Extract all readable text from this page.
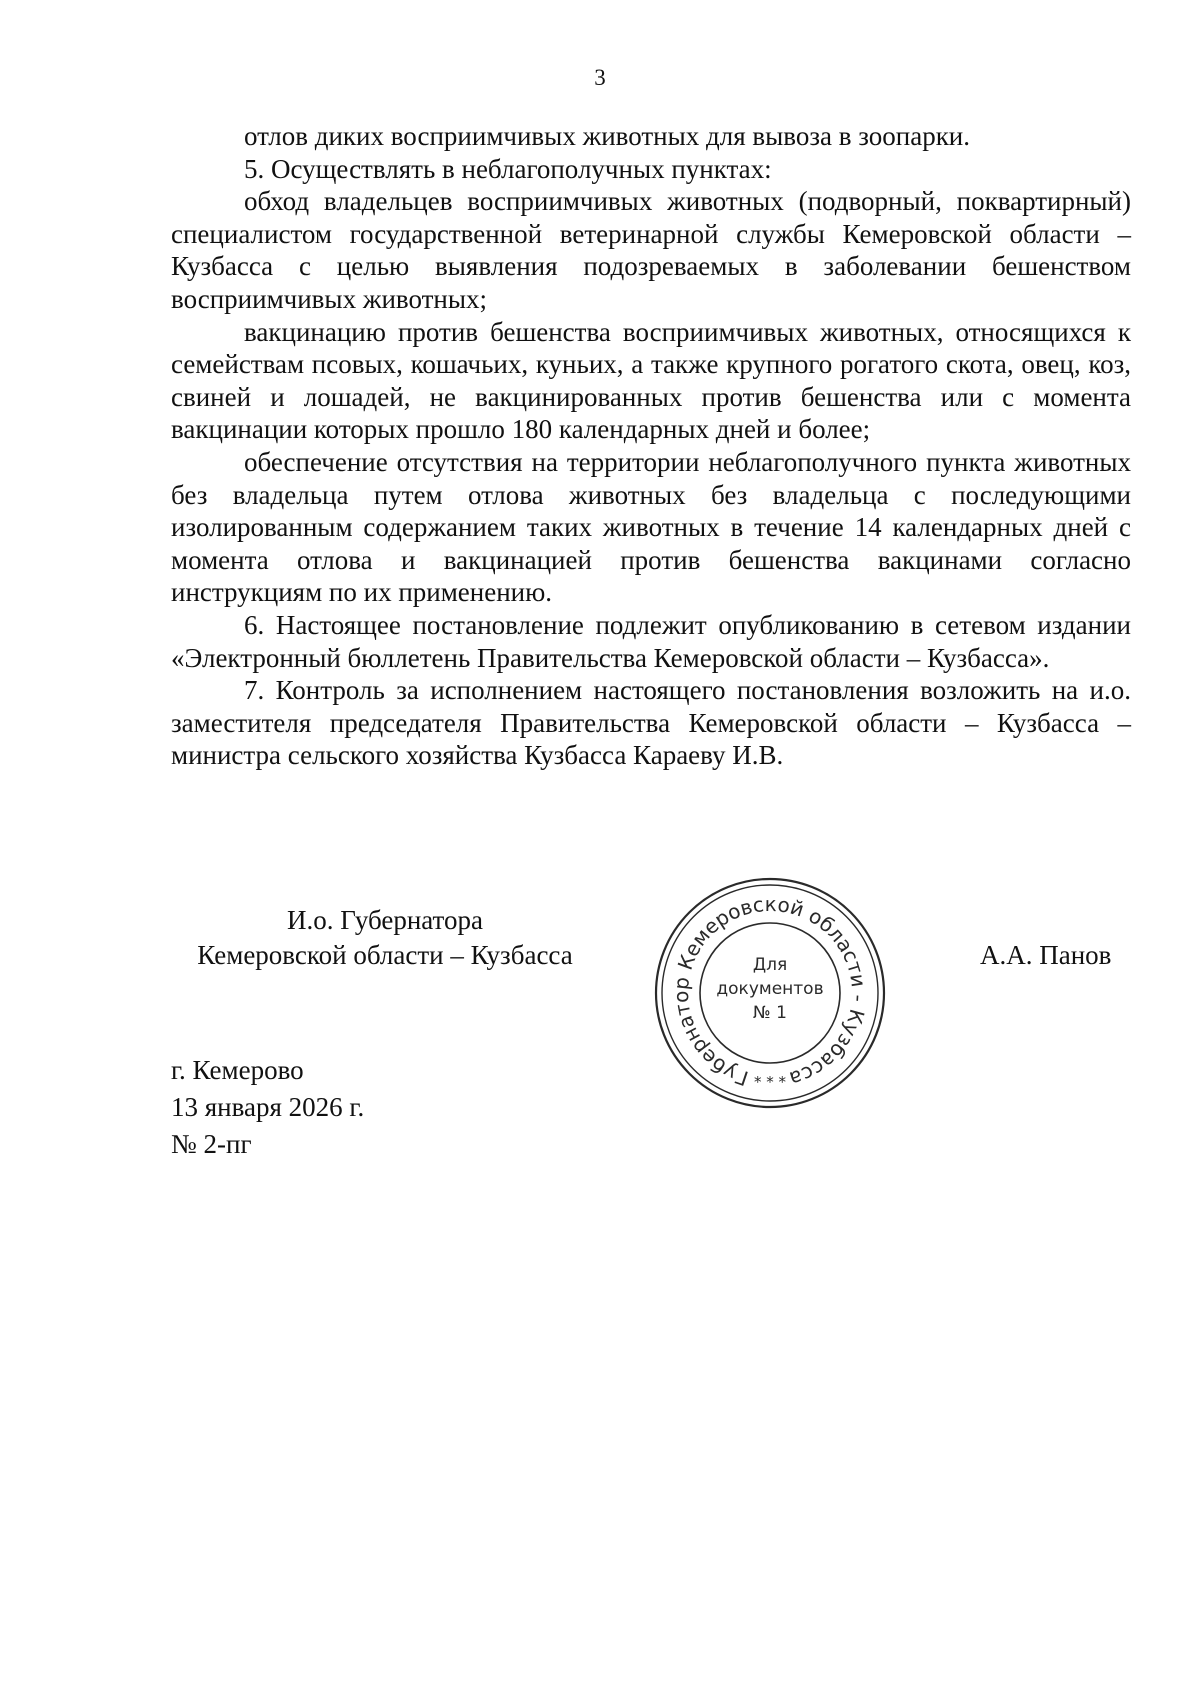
3

отлов диких восприимчивых животных для вывоза в зоопарки.

5. Осуществлять в неблагополучных пунктах:

обход владельцев восприимчивых животных (подворный, поквартирный) специалистом государственной ветеринарной службы Кемеровской области – Кузбасса с целью выявления подозреваемых в заболевании бешенством восприимчивых животных;

вакцинацию против бешенства восприимчивых животных, относящихся к семействам псовых, кошачьих, куньих, а также крупного рогатого скота, овец, коз, свиней и лошадей, не вакцинированных против бешенства или с момента вакцинации которых прошло 180 календарных дней и более;

обеспечение отсутствия на территории неблагополучного пункта животных без владельца путем отлова животных без владельца с последующими изолированным содержанием таких животных в течение 14 календарных дней с момента отлова и вакцинацией против бешенства вакцинами согласно инструкциям по их применению.

6. Настоящее постановление подлежит опубликованию в сетевом издании «Электронный бюллетень Правительства Кемеровской области – Кузбасса».

7. Контроль за исполнением настоящего постановления возложить на и.о. заместителя председателя Правительства Кемеровской области – Кузбасса – министра сельского хозяйства Кузбасса Караеву И.В.

И.о. Губернатора
Кемеровской области – Кузбасса
Губернатор Кемеровской области - Кузбасса
Для
документов
№ 1
* * *
А.А. Панов
г. Кемерово
13 января 2026 г.
№ 2-пг
